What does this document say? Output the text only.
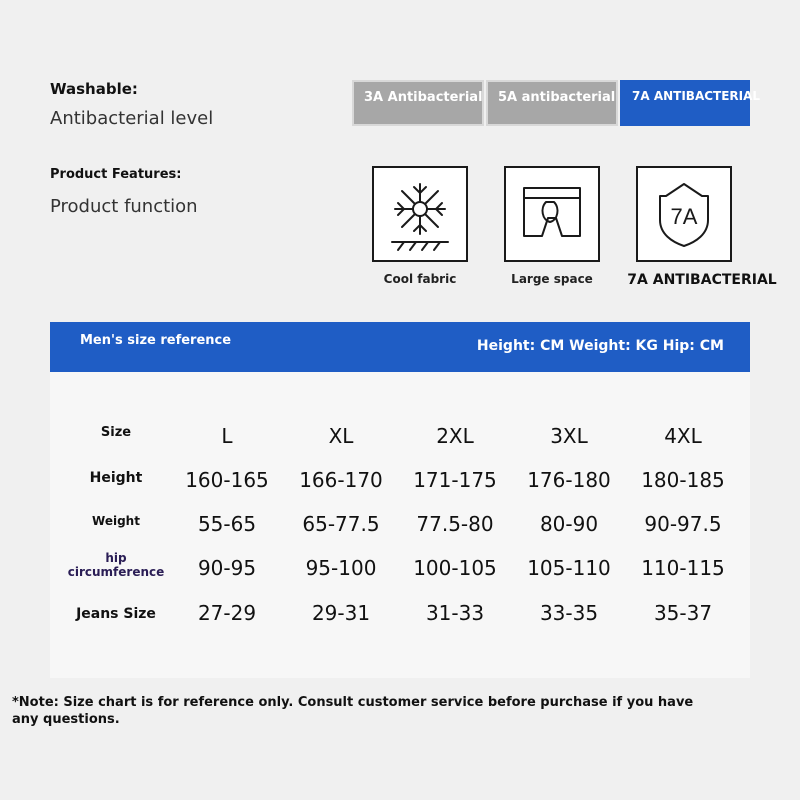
Washable:
Antibacterial level
3A Antibacterial	5A antibacterial	7A ANTIBACTERIAL
Product Features:
Product function
Cool fabric	Large space
7A
7A ANTIBACTERIAL
Men's size reference	Height: CM Weight: KG Hip: CM
Size	L	XL	2XL	3XL	4XL
Height	160-165	166-170	171-175	176-180	180-185
Weight	55-65	65-77.5	77.5-80	80-90	90-97.5
hip
circumference	90-95	95-100	100-105	105-110	110-115
Jeans Size	27-29	29-31	31-33	33-35	35-37
*Note: Size chart is for reference only. Consult customer service before purchase if you have any questions.
